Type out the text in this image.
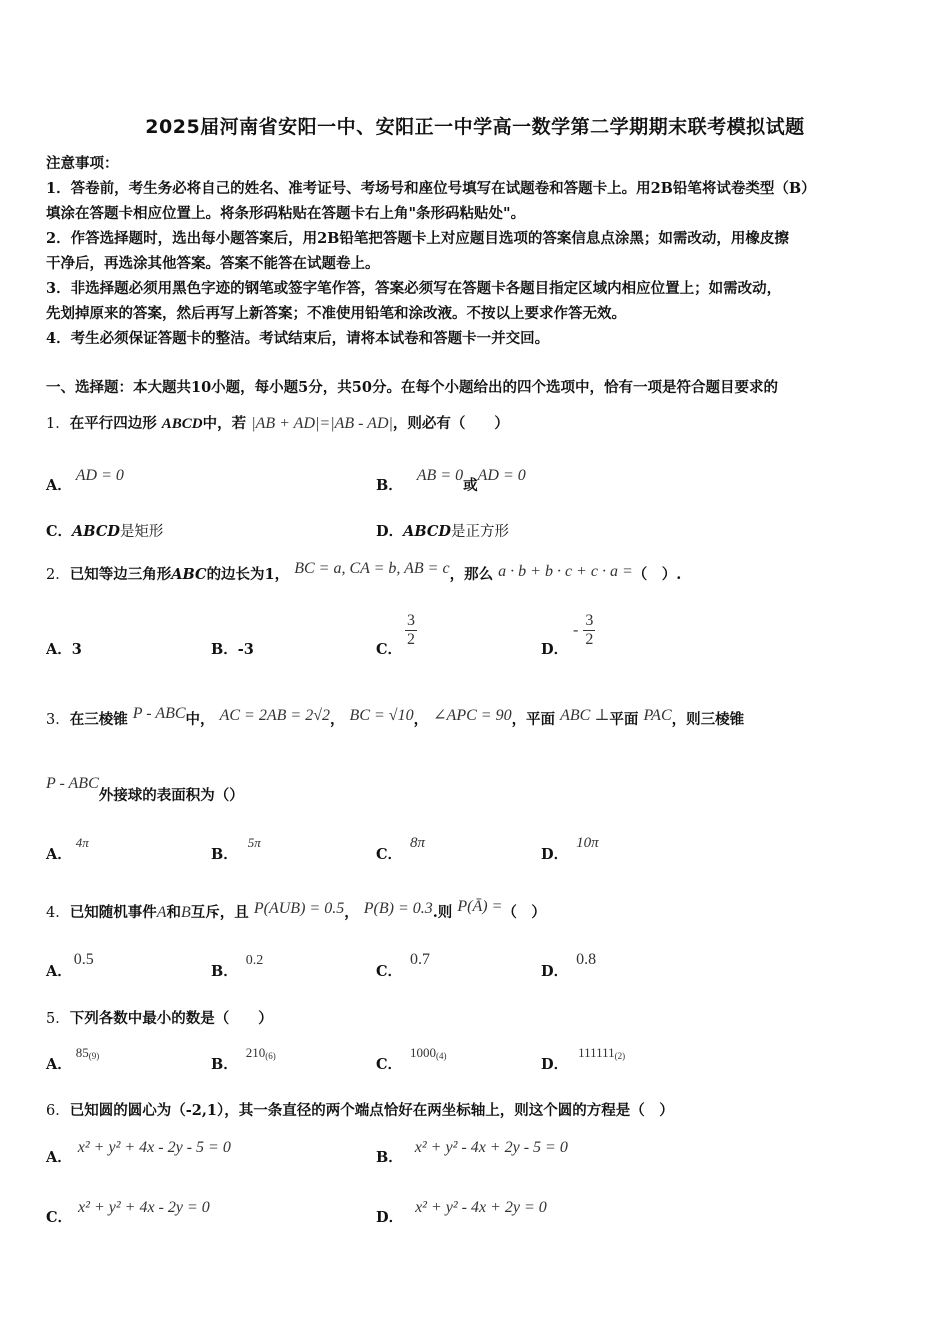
2025届河南省安阳一中、安阳正一中学高一数学第二学期期末联考模拟试题
注意事项：
1．答卷前，考生务必将自己的姓名、准考证号、考场号和座位号填写在试题卷和答题卡上。用2B铅笔将试卷类型（B）
填涂在答题卡相应位置上。将条形码粘贴在答题卡右上角"条形码粘贴处"。
2．作答选择题时，选出每小题答案后，用2B铅笔把答题卡上对应题目选项的答案信息点涂黑；如需改动，用橡皮擦
干净后，再选涂其他答案。答案不能答在试题卷上。
3．非选择题必须用黑色字迹的钢笔或签字笔作答，答案必须写在答题卡各题目指定区域内相应位置上；如需改动，
先划掉原来的答案，然后再写上新答案；不准使用铅笔和涂改液。不按以上要求作答无效。
4．考生必须保证答题卡的整洁。考试结束后，请将本试卷和答题卡一并交回。
一、选择题：本大题共10小题，每小题5分，共50分。在每个小题给出的四个选项中，恰有一项是符合题目要求的
1．在平行四边形 ABCD中，若 |AB + AD|=|AB - AD|，则必有（　　）
A．AD = 0
B．AB = 0或AD = 0
C．ABCD是矩形	D．ABCD是正方形
2．已知等边三角形ABC的边长为1， BC = a, CA = b, AB = c，那么 a · b + b · c + c · a =（　）.
A．3	B．-3	C．
$\frac{3}{2}$
D．
- $\frac{3}{2}$
3．在三棱锥 P - ABC中， AC = 2AB = 2√2， BC = √10， ∠APC = 90，平面 ABC ⊥平面 PAC，则三棱锥
P - ABC外接球的表面积为（）
A．4π
B．5π
C．8π
D．10π
4．已知随机事件A和B互斥，且 P(AUB) = 0.5， P(B) = 0.3.则 P(Ā) =（　）
A．0.5
B．0.2
C．0.7
D．0.8
5．下列各数中最小的数是（　　）
A．85$^{(9)}$	B．210$^{(6)}$	C．1000$^{(4)}$	D．111111$^{(2)}$
6．已知圆的圆心为（-2,1），其一条直径的两个端点恰好在两坐标轴上，则这个圆的方程是（　）
A．x² + y² + 4x - 2y - 5 = 0
B．x² + y² - 4x + 2y - 5 = 0
C．x² + y² + 4x - 2y = 0
D．x² + y² - 4x + 2y = 0
